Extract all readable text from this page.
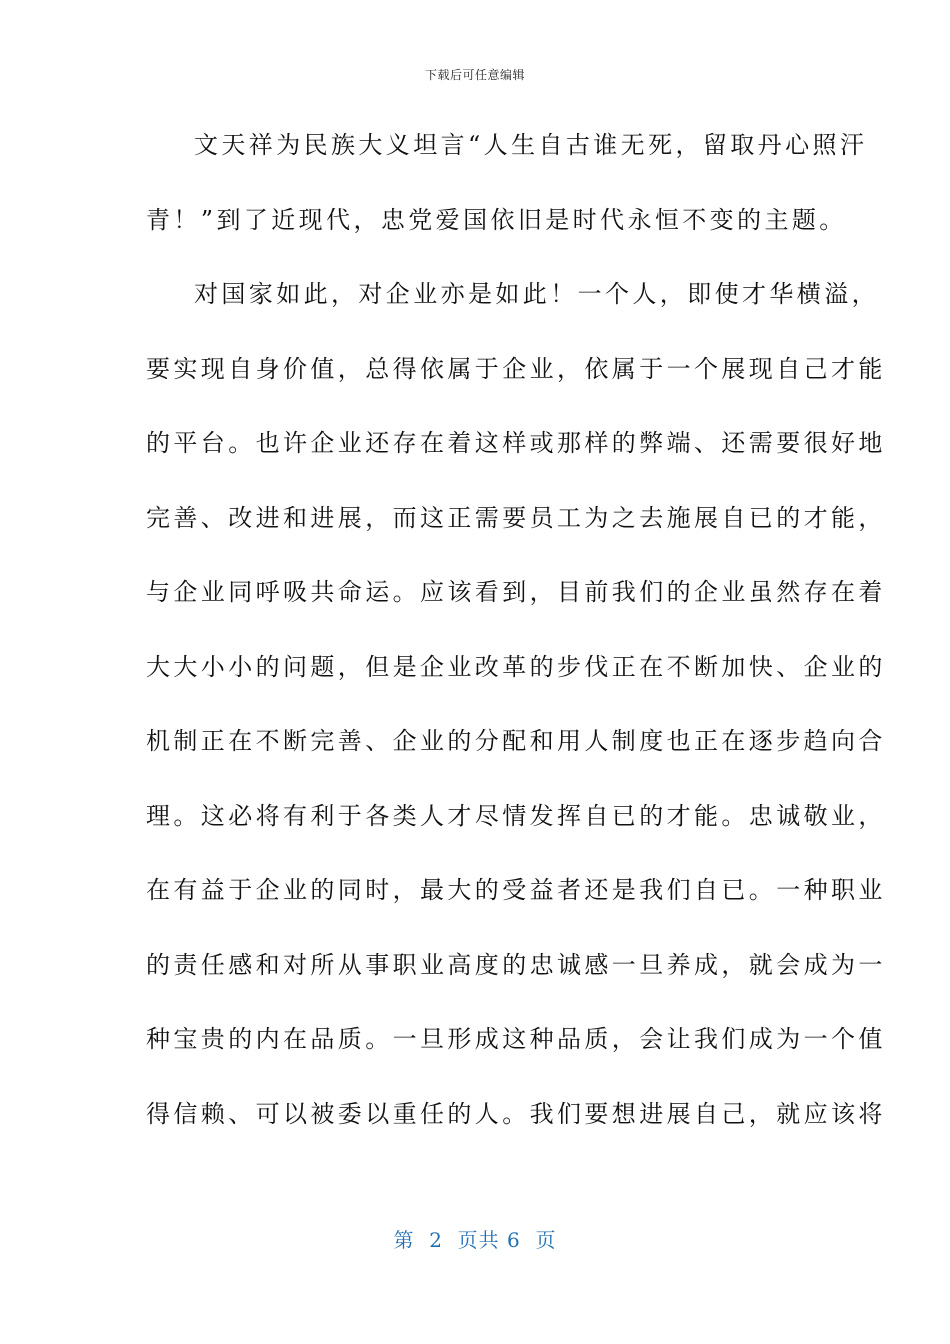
下载后可任意编辑
文天祥为民族大义坦言“人生自古谁无死，留取丹心照汗
青！”到了近现代，忠党爱国依旧是时代永恒不变的主题。
对国家如此，对企业亦是如此！一个人，即使才华横溢，
要实现自身价值，总得依属于企业，依属于一个展现自己才能
的平台。也许企业还存在着这样或那样的弊端、还需要很好地
完善、改进和进展，而这正需要员工为之去施展自已的才能，
与企业同呼吸共命运。应该看到，目前我们的企业虽然存在着
大大小小的问题，但是企业改革的步伐正在不断加快、企业的
机制正在不断完善、企业的分配和用人制度也正在逐步趋向合
理。这必将有利于各类人才尽情发挥自已的才能。忠诚敬业，
在有益于企业的同时，最大的受益者还是我们自已。一种职业
的责任感和对所从事职业高度的忠诚感一旦养成，就会成为一
种宝贵的内在品质。一旦形成这种品质，会让我们成为一个值
得信赖、可以被委以重任的人。我们要想进展自己，就应该将
第  2  页共 6  页
